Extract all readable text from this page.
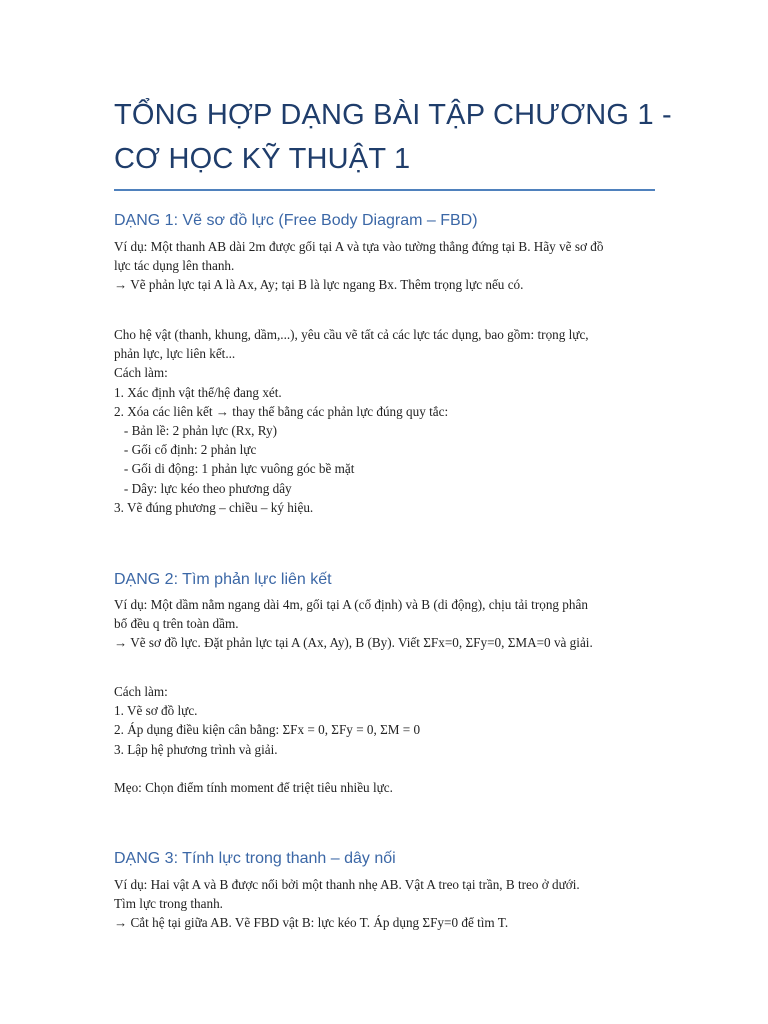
TỔNG HỢP DẠNG BÀI TẬP CHƯƠNG 1 -
CƠ HỌC KỸ THUẬT 1
DẠNG 1: Vẽ sơ đồ lực (Free Body Diagram – FBD)
Ví dụ: Một thanh AB dài 2m được gối tại A và tựa vào tường thẳng đứng tại B. Hãy vẽ sơ đồ
lực tác dụng lên thanh.
→ Vẽ phản lực tại A là Ax, Ay; tại B là lực ngang Bx. Thêm trọng lực nếu có.
Cho hệ vật (thanh, khung, dầm,...), yêu cầu vẽ tất cả các lực tác dụng, bao gồm: trọng lực,
phản lực, lực liên kết...
Cách làm:
1. Xác định vật thể/hệ đang xét.
2. Xóa các liên kết → thay thế bằng các phản lực đúng quy tắc:
- Bản lề: 2 phản lực (Rx, Ry)
- Gối cố định: 2 phản lực
- Gối di động: 1 phản lực vuông góc bề mặt
- Dây: lực kéo theo phương dây
3. Vẽ đúng phương – chiều – ký hiệu.
DẠNG 2: Tìm phản lực liên kết
Ví dụ: Một dầm nằm ngang dài 4m, gối tại A (cố định) và B (di động), chịu tải trọng phân
bố đều q trên toàn dầm.
→ Vẽ sơ đồ lực. Đặt phản lực tại A (Ax, Ay), B (By). Viết ΣFx=0, ΣFy=0, ΣMA=0 và giải.
Cách làm:
1. Vẽ sơ đồ lực.
2. Áp dụng điều kiện cân bằng: ΣFx = 0, ΣFy = 0, ΣM = 0
3. Lập hệ phương trình và giải.
Mẹo: Chọn điểm tính moment để triệt tiêu nhiều lực.
DẠNG 3: Tính lực trong thanh – dây nối
Ví dụ: Hai vật A và B được nối bởi một thanh nhẹ AB. Vật A treo tại trần, B treo ở dưới.
Tìm lực trong thanh.
→ Cắt hệ tại giữa AB. Vẽ FBD vật B: lực kéo T. Áp dụng ΣFy=0 để tìm T.
